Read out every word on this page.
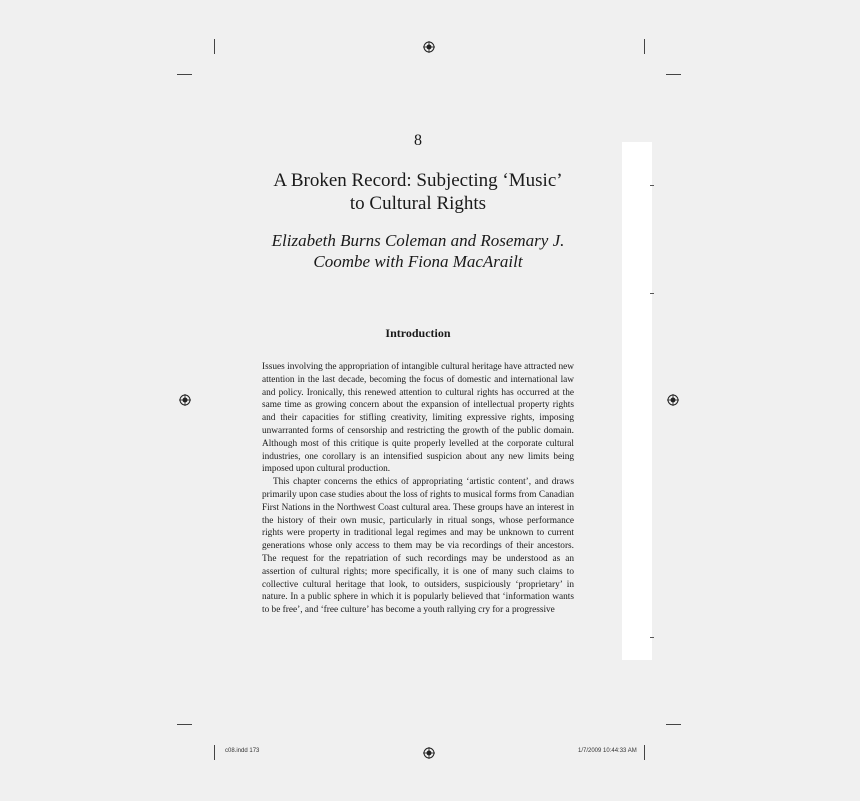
8
A Broken Record: Subjecting ‘Music’
to Cultural Rights
Elizabeth Burns Coleman and Rosemary J.
Coombe with Fiona MacArailt
Introduction

Issues involving the appropriation of intangible cultural heritage have attracted new attention in the last decade, becoming the focus of domestic and international law and policy. Ironically, this renewed attention to cultural rights has occurred at the same time as growing concern about the expansion of intellectual property rights and their capacities for stifling creativity, limiting expressive rights, imposing unwarranted forms of censorship and restricting the growth of the public domain. Although most of this critique is quite properly levelled at the corporate cultural industries, one corollary is an intensified suspicion about any new limits being imposed upon cultural production.

This chapter concerns the ethics of appropriating ‘artistic content’, and draws primarily upon case studies about the loss of rights to musical forms from Canadian First Nations in the Northwest Coast cultural area. These groups have an interest in the history of their own music, particularly in ritual songs, whose performance rights were property in traditional legal regimes and may be unknown to current generations whose only access to them may be via recordings of their ancestors. The request for the repatriation of such recordings may be understood as an assertion of cultural rights; more specifically, it is one of many such claims to collective cultural heritage that look, to outsiders, suspiciously ‘proprietary’ in nature. In a public sphere in which it is popularly believed that ‘information wants to be free’, and ‘free culture’ has become a youth rallying cry for a progressive

c08.indd 173	1/7/2009 10:44:33 AM
